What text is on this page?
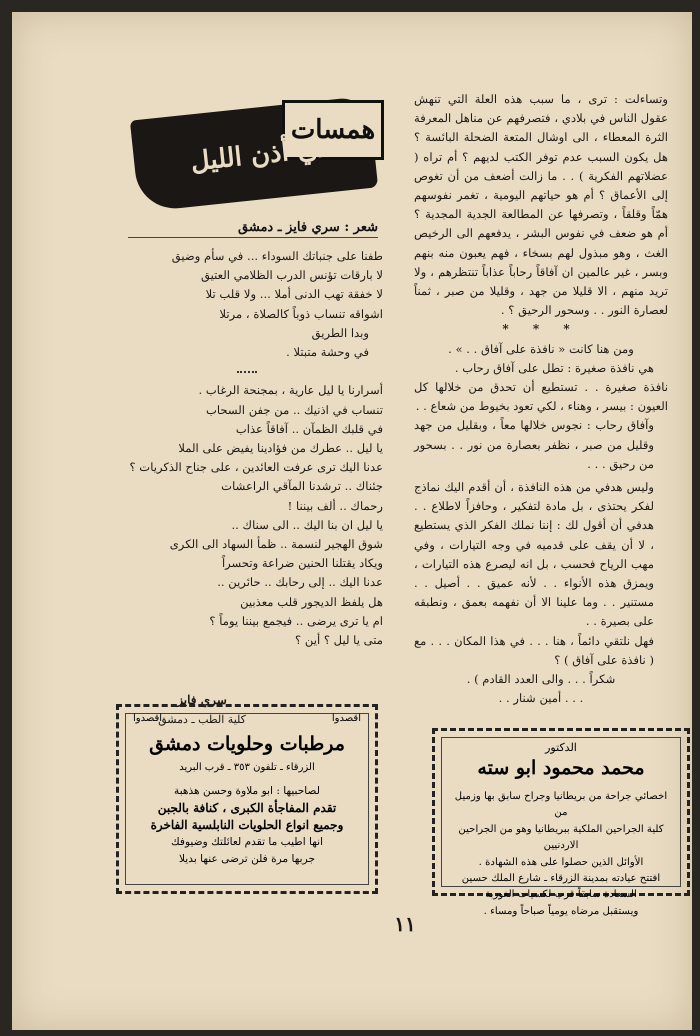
وتساءلت : ترى ، ما سبب هذه العلة التي تنهش عقول الناس في بلادي ، فتصرفهم عن مناهل المعرفة الثرة المعطاء ، الى اوشال المتعة الضحلة البائسة ؟ هل يكون السبب عدم توفر الكتب لديهم ؟ أم تراه ( عضلاتهم الفكرية ) . . ما زالت أضعف من أن تغوص إلى الأعماق ؟ أم هو حياتهم اليومية ، تغمر نفوسهم همّاً وقلقاً ، وتصرفها عن المطالعة الجدية المجدية ؟ أم هو ضعف في نفوس البشر ، يدفعهم الى الرخيص الغث ، وهو مبذول لهم بسخاء ، فهم يعبون منه بنهم وبسر ، غير عالمين ان آفاقاً رحاباً عذاباً تنتظرهم ، ولا تريد منهم ، الا قليلا من جهد ، وقليلا من صبر ، ثمناً لعصارة النور . . وسحور الرحيق ؟ .

* * *

ومن هنا كانت « نافذة على آفاق . . » .

هي نافذة صغيرة : تطل على آفاق رحاب .

نافذة صغيرة . . تستطيع أن تحدق من خلالها كل العيون : بيسر ، وهناء ، لكي تعود بخيوط من شعاع . .

وآفاق رحاب : نجوس خلالها معاً ، وبقليل من جهد وقليل من صبر ، نظفر بعصارة من نور . . بسحور من رحيق . . .

وليس هدفي من هذه النافذة ، أن أقدم اليك نماذج لفكر يحتذى ، بل مادة لتفكير ، وحافزاً لاطلاع . . هدفي أن أقول لك : إننا نملك الفكر الذي يستطيع ، لا أن يقف على قدميه في وجه التيارات ، وفي مهب الرياح فحسب ، بل انه ليصرع هذه التيارات ، ويمزق هذه الأنواء . . لأنه عميق . . أصيل . . مستنير . . وما علينا الا أن نفهمه بعمق ، ونطبقه على بصيرة . .

فهل نلتقي دائماً ، هنا . . . في هذا المكان . . . مع ( نافذة على آفاق ) ؟

شكراً . . . والى العدد القادم ) .

. . . أمين شنار . .

همسات
في أذن الليل
شعر : سري فايز ـ دمشق

طفنا على جنباتك السوداء ... في سأم وضيق

لا بارقات تؤنس الدرب الظلامي العتيق

لا خفقة تهب الدنى أملا ... ولا قلب تلا

اشواقه تنساب ذوباً كالصلاة ، مرتلا

وبدا الطريق

في وحشة متبتلا .

أسرارنا يا ليل عارية ، بمجنحة الرغاب .

تنساب في اذنيك .. من جفن السحاب

في قلبك الظمآن .. آفاقاً عذاب

يا ليل .. عطرك من فؤادينا يفيض على الملا

عدنا اليك ترى عرفت العائدين ، على جناح الذكريات ؟

جئناك .. ترشدنا المآقي الراعشات

رحماك .. ألف بيننا !

يا ليل ان بنا اليك .. الى سناك ..

شوق الهجير لنسمة .. ظمأ السهاد الى الكرى

ويكاد يقتلنا الحنين ضراعة وتحسراً

عدنا اليك .. إلى رحابك .. حائرين ..

هل يلفظ الديجور قلب معذبين

ام يا ترى يرضى .. فيجمع بيننا يوماً ؟

متى يا ليل ؟ أين ؟

سري فايز
كلية الطب ـ دمشق	اقصدوا
اقصدوا
مرطبات وحلويات دمشق
الزرقاء ـ تلفون ٣٥٣ ـ قرب البريد
لصاحبيها : ابو ملاوة وحسن هذهبة
تقدم المفاجأة الكبرى ، كنافة بالجبن
وجميع انواع الحلويات النابلسية الفاخرة
انها اطيب ما تقدم لعائلتك وضيوفك
جربها مرة فلن ترضى عنها بديلا
الدكتور
محمد محمود ابو سته
اخصائي جراحة من بريطانيا وجراح سابق بها وزميل من
كلية الجراحين الملكية ببريطانيا وهو من الجراحين الاردنيين
الأوائل الذين حصلوا على هذه الشهادة .
افتتح عيادته بمدينة الزرقاء ـ شارع الملك حسين
السعادة سابقاً قرب لكسيات الغوربة
ويستقبل مرضاه يومياً صباحاً ومساء .
١١
